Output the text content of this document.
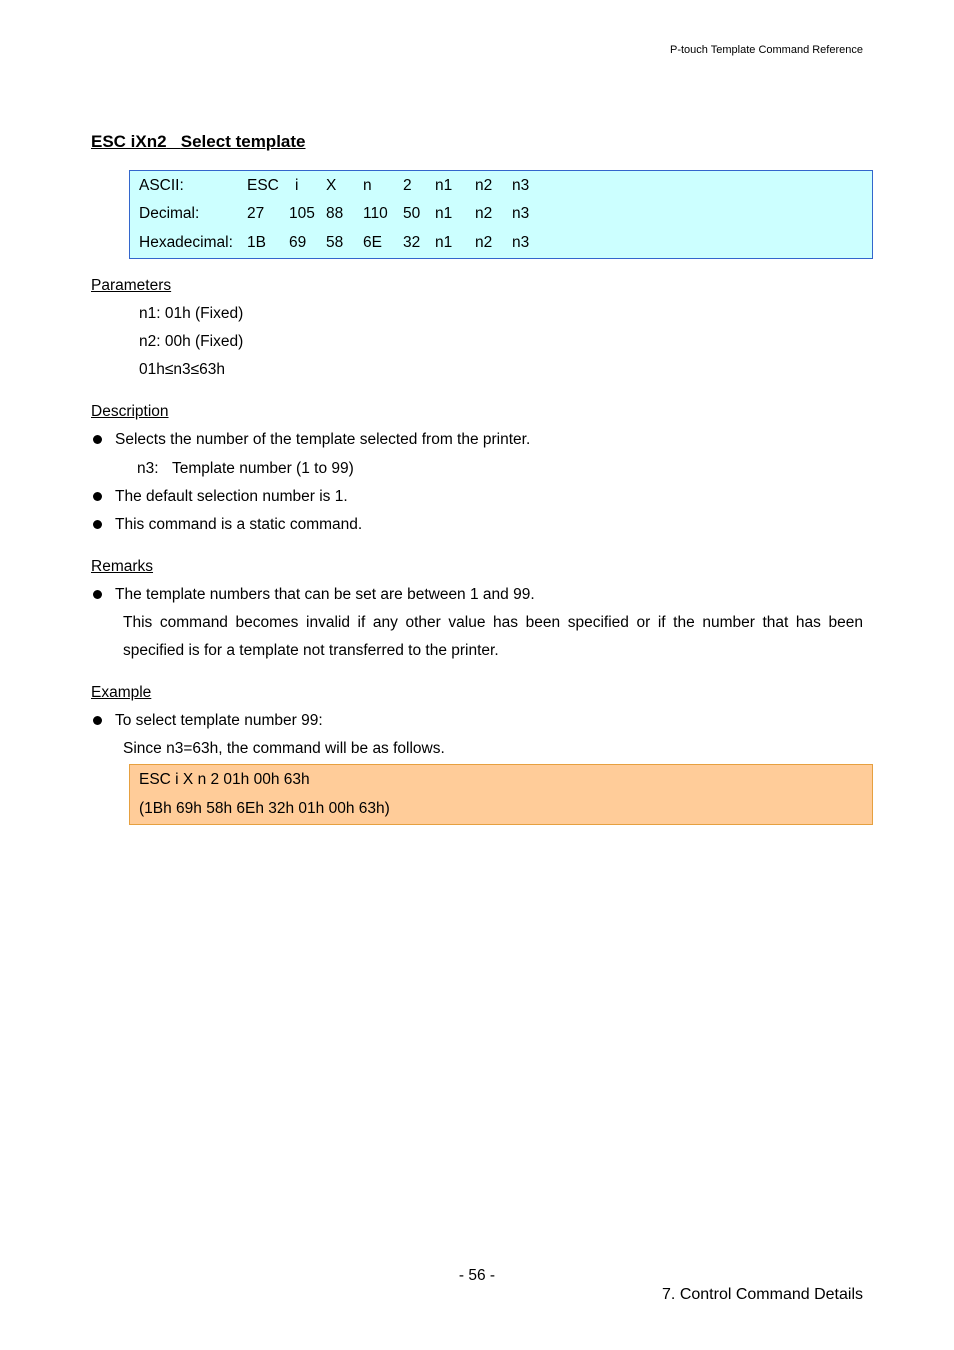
P-touch Template Command Reference
ESC iXn2 Select template
ASCII:	ESC i X n 2 n1 n2 n3
Decimal:	27 105 88 110 50 n1 n2 n3
Hexadecimal: 1B 69 58 6E 32 n1 n2 n3
Parameters
n1: 01h (Fixed)
n2: 00h (Fixed)
01h≤n3≤63h
Description
Selects the number of the template selected from the printer.
n3: Template number (1 to 99)
The default selection number is 1.
This command is a static command.
Remarks
The template numbers that can be set are between 1 and 99.
This command becomes invalid if any other value has been specified or if the number that has been
specified is for a template not transferred to the printer.
Example
To select template number 99:
Since n3=63h, the command will be as follows.
ESC i X n 2 01h 00h 63h
(1Bh 69h 58h 6Eh 32h 01h 00h 63h)
- 56 -
7. Control Command Details
